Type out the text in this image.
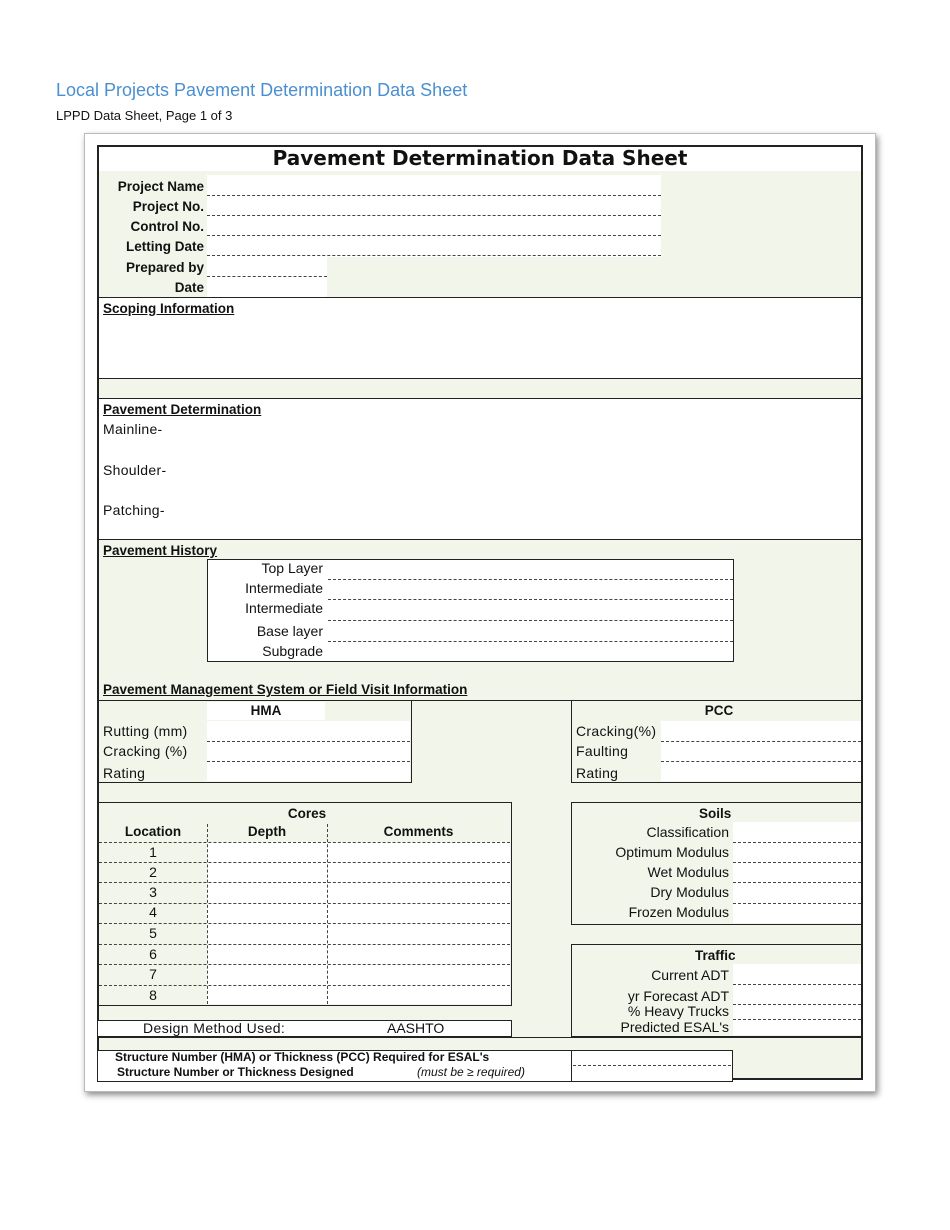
Local Projects Pavement Determination Data Sheet
LPPD Data Sheet, Page 1 of 3
Pavement Determination Data Sheet
Project Name
Project No.
Control No.
Letting Date
Prepared by
Date
Scoping Information
Pavement Determination
Mainline-
Shoulder-
Patching-
Pavement History
Top Layer
Intermediate
Intermediate
Base layer
Subgrade
Pavement Management System or Field Visit Information
HMA
Rutting (mm)
Cracking (%)
Rating
PCC
Cracking(%)
Faulting
Rating
Cores
Location	Depth	Comments
1
2
3
4
5
6
7
8
Soils
Classification
Optimum Modulus
Wet Modulus
Dry Modulus
Frozen Modulus
Traffic
Current ADT
yr Forecast ADT
% Heavy Trucks
Predicted ESAL's
Design Method Used:	AASHTO
Structure Number (HMA) or Thickness (PCC) Required for ESAL's
Structure Number or Thickness Designed	(must be ≥ required)
